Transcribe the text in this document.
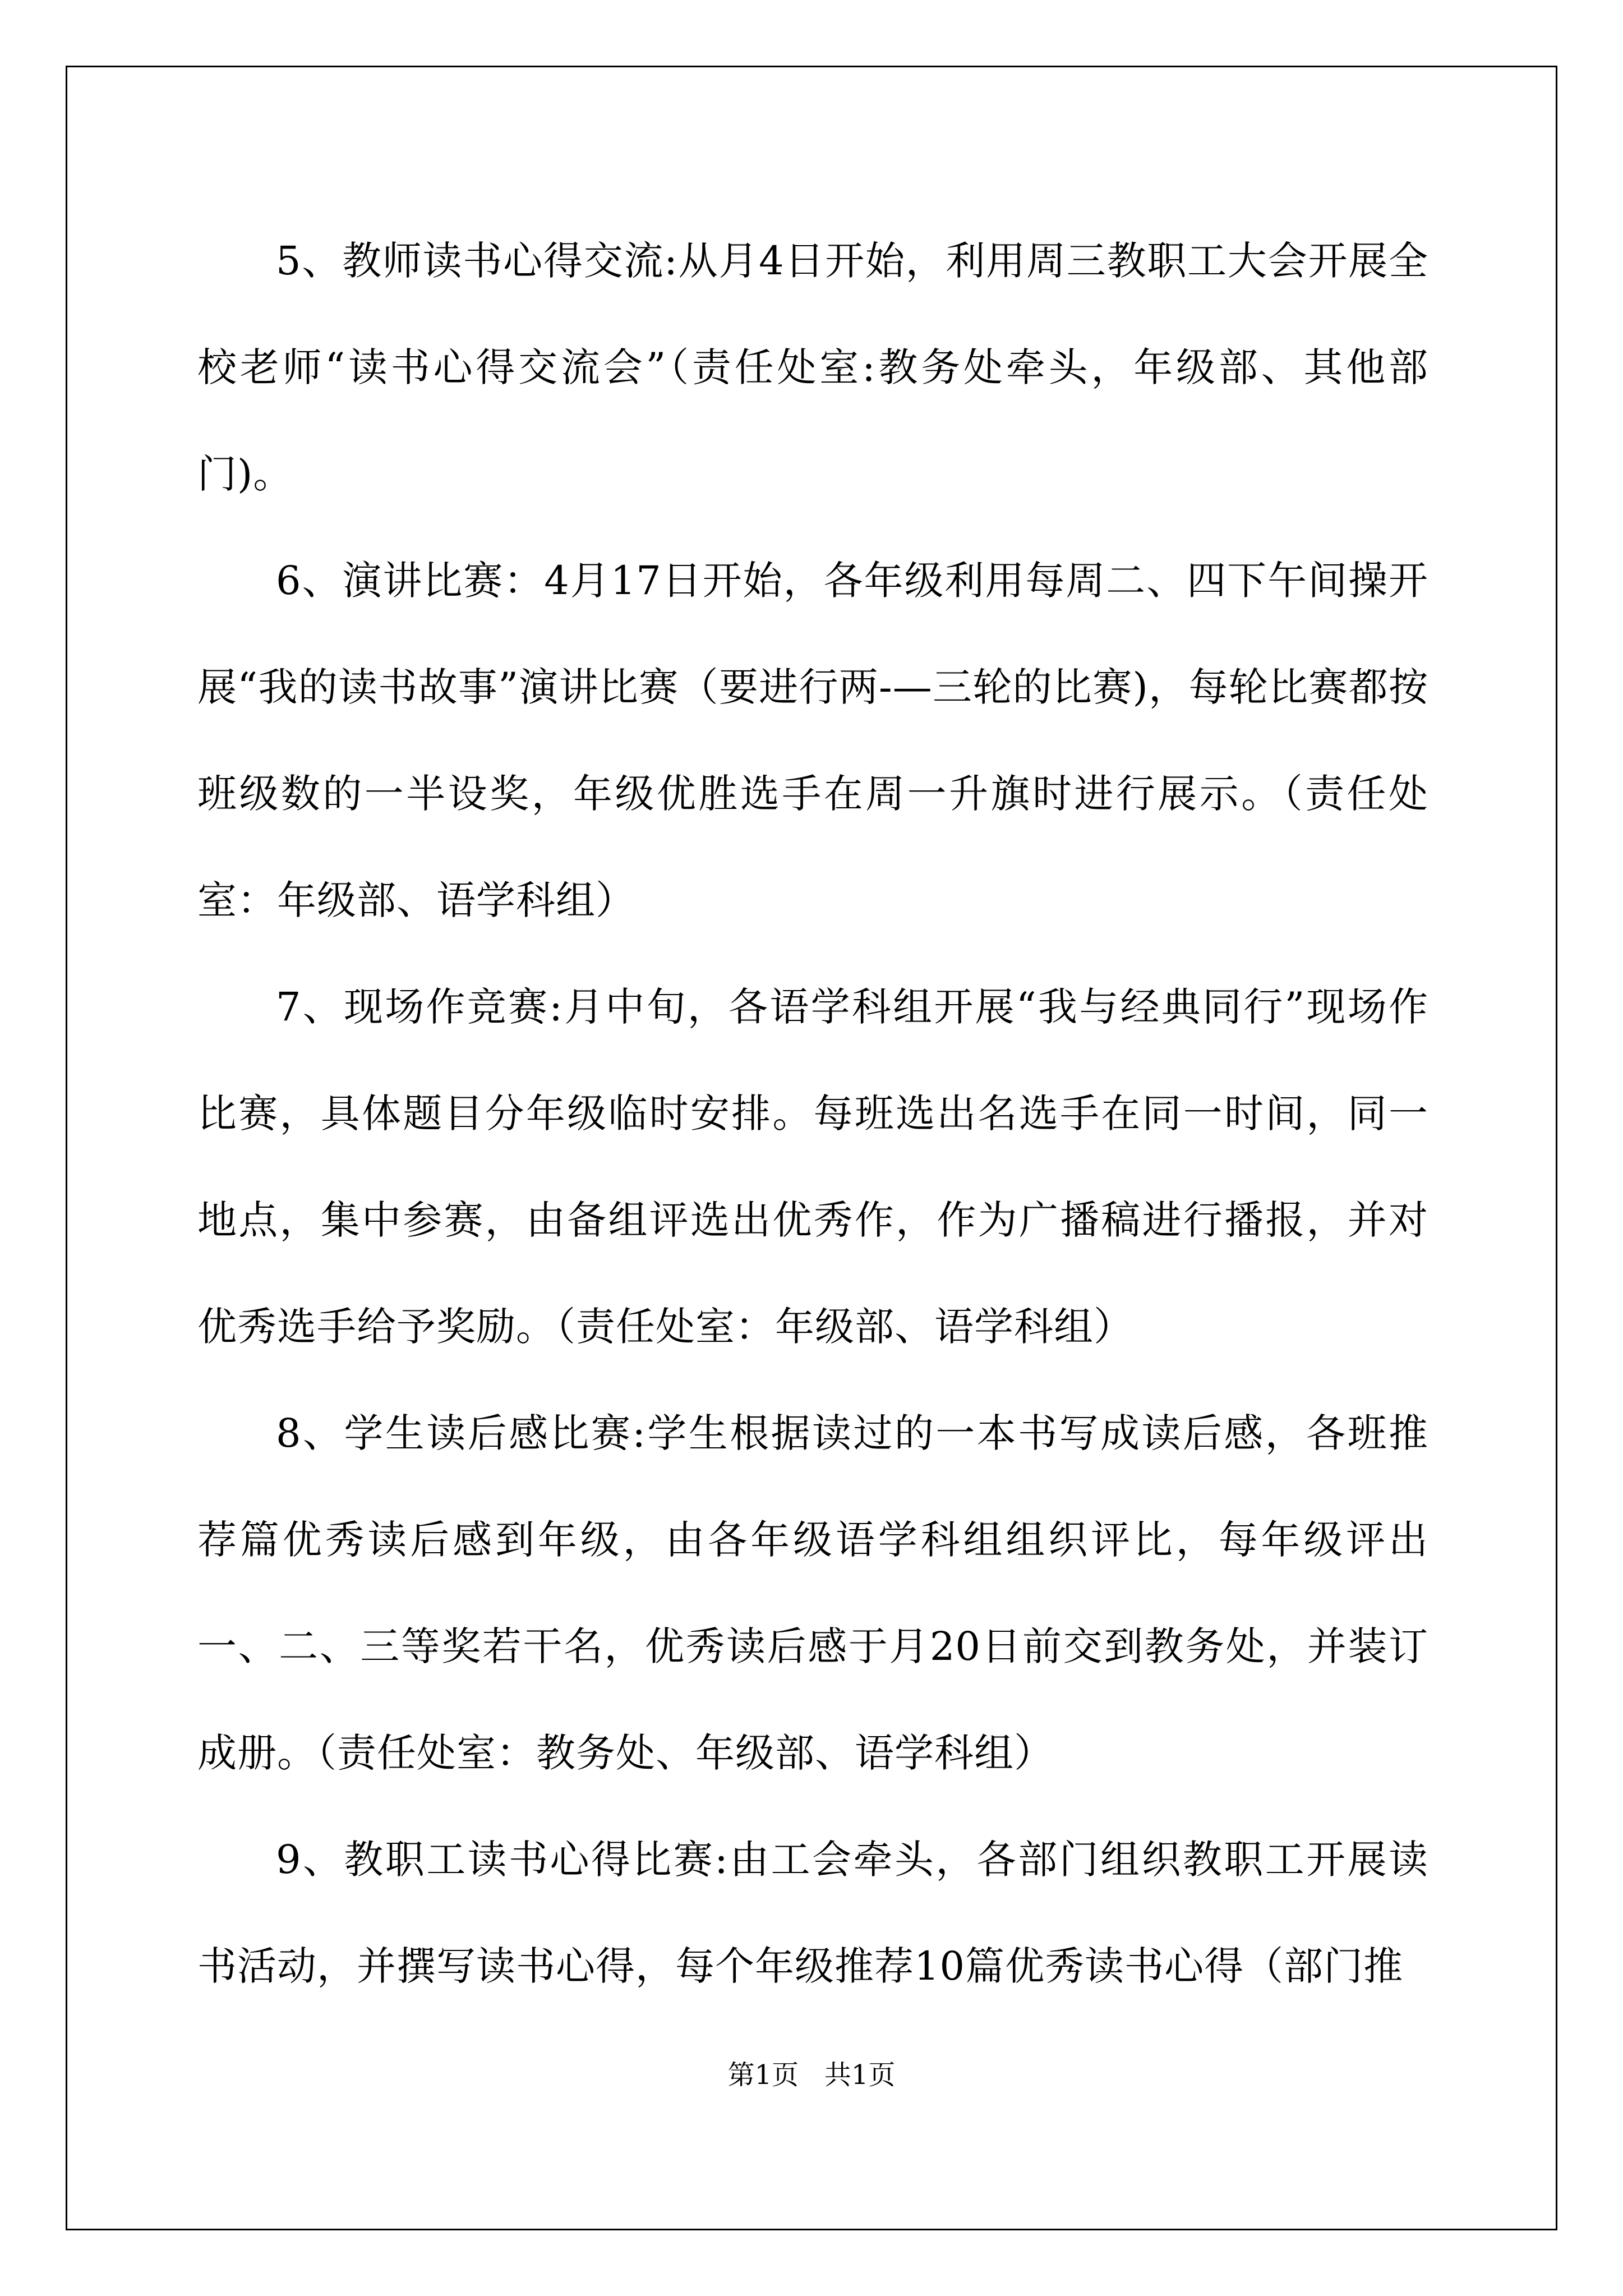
5、教师读书心得交流:从月4日开始，利用周三教职工大会开展全校老师“读书心得交流会”（责任处室:教务处牵头，年级部、其他部门)。

6、演讲比赛：4月17日开始，各年级利用每周二、四下午间操开展“我的读书故事”演讲比赛（要进行两-—三轮的比赛)，每轮比赛都按班级数的一半设奖，年级优胜选手在周一升旗时进行展示。（责任处室：年级部、语学科组）

7、现场作竞赛:月中旬，各语学科组开展“我与经典同行”现场作比赛，具体题目分年级临时安排。每班选出名选手在同一时间，同一地点，集中参赛，由备组评选出优秀作，作为广播稿进行播报，并对优秀选手给予奖励。（责任处室：年级部、语学科组）

8、学生读后感比赛:学生根据读过的一本书写成读后感，各班推荐篇优秀读后感到年级，由各年级语学科组组织评比，每年级评出一、二、三等奖若干名，优秀读后感于月20日前交到教务处，并装订成册。（责任处室：教务处、年级部、语学科组）

9、教职工读书心得比赛:由工会牵头，各部门组织教职工开展读书活动，并撰写读书心得，每个年级推荐10篇优秀读书心得（部门推

第1页   共1页
